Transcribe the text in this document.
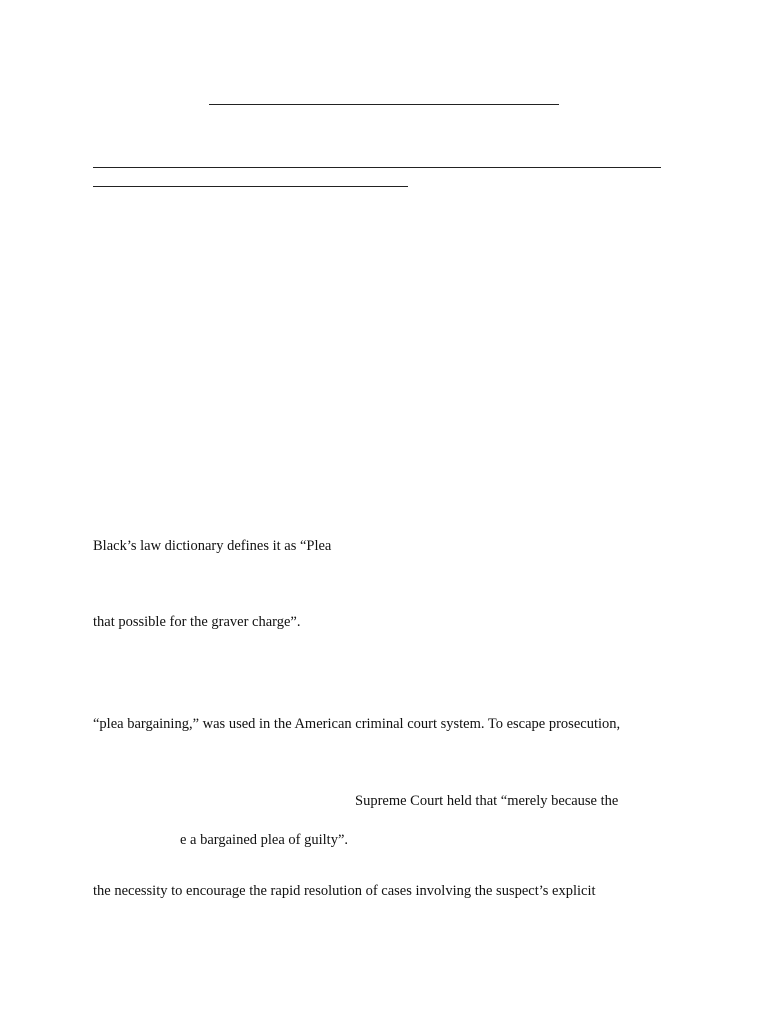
Black’s law dictionary defines it as “Plea
that possible for the graver charge”.
“plea bargaining,” was used in the American criminal court system. To escape prosecution,
Supreme Court held that “merely because the
e a bargained plea of guilty”.
the necessity to encourage the rapid resolution of cases involving the suspect’s explicit
